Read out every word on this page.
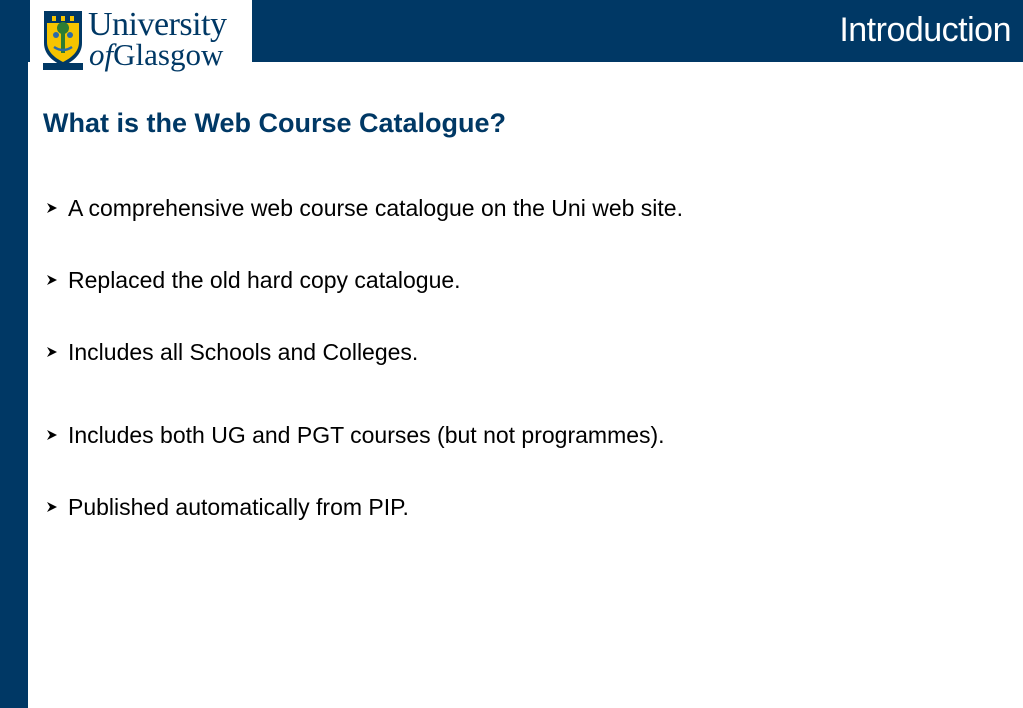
University
ofGlasgow
Introduction
What is the Web Course Catalogue?
A comprehensive web course catalogue on the Uni web site.
Replaced the old hard copy catalogue.
Includes all Schools and Colleges.
Includes both UG and PGT courses (but not programmes).
Published automatically from PIP.
